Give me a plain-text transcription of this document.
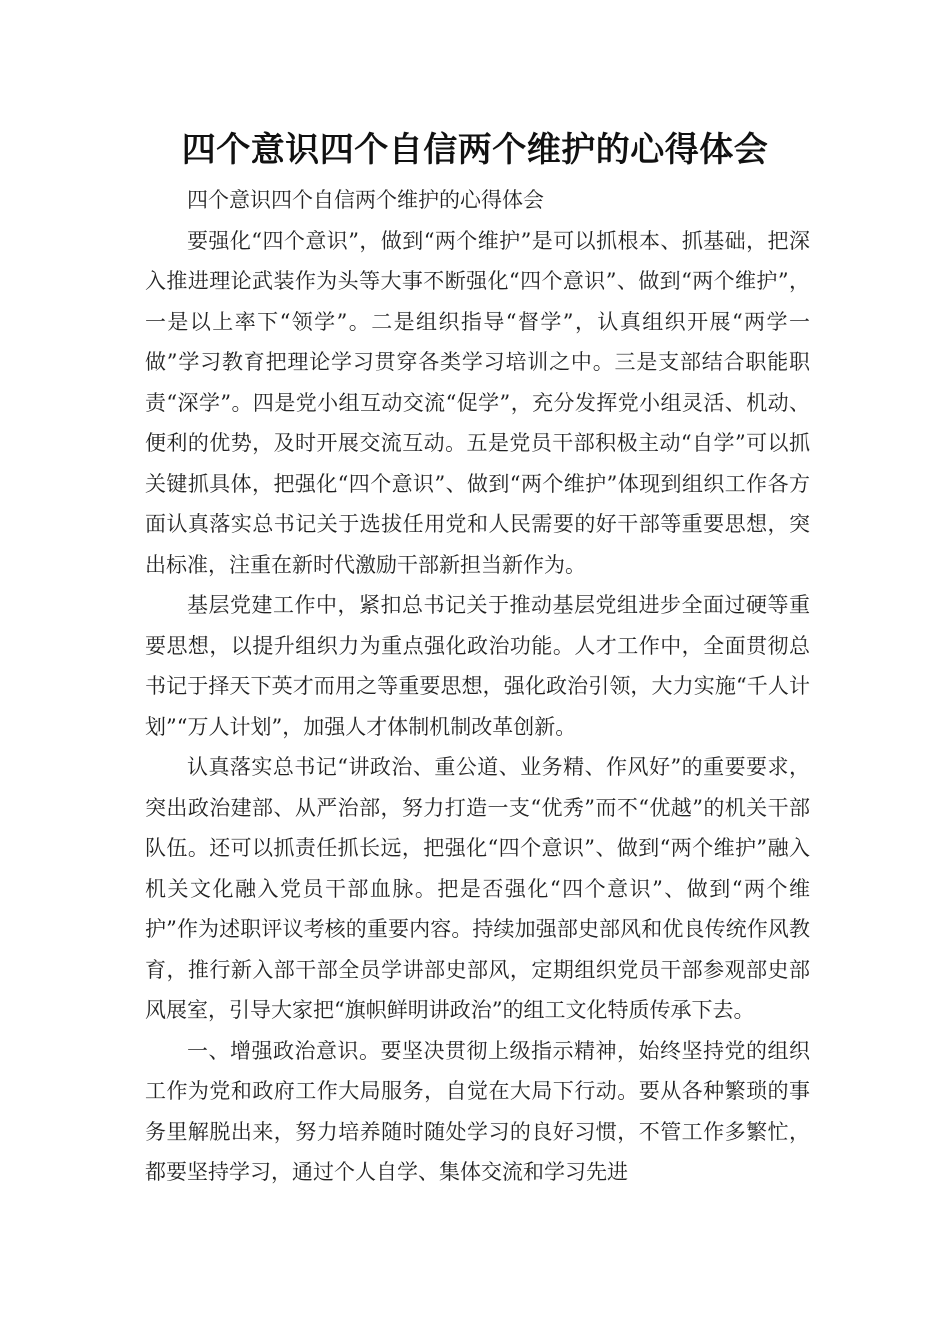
四个意识四个自信两个维护的心得体会

四个意识四个自信两个维护的心得体会

要强化“四个意识”，做到“两个维护”是可以抓根本、抓基础，把深入推进理论武装作为头等大事不断强化“四个意识”、做到“两个维护”，一是以上率下“领学”。二是组织指导“督学”，认真组织开展“两学一做”学习教育把理论学习贯穿各类学习培训之中。三是支部结合职能职责“深学”。四是党小组互动交流“促学”，充分发挥党小组灵活、机动、便利的优势，及时开展交流互动。五是党员干部积极主动“自学”可以抓关键抓具体，把强化“四个意识”、做到“两个维护”体现到组织工作各方面认真落实总书记关于选拔任用党和人民需要的好干部等重要思想，突出标准，注重在新时代激励干部新担当新作为。

基层党建工作中，紧扣总书记关于推动基层党组进步全面过硬等重要思想，以提升组织力为重点强化政治功能。人才工作中，全面贯彻总书记于择天下英才而用之等重要思想，强化政治引领，大力实施“千人计划”“万人计划”，加强人才体制机制改革创新。

认真落实总书记“讲政治、重公道、业务精、作风好”的重要要求，突出政治建部、从严治部，努力打造一支“优秀”而不“优越”的机关干部队伍。还可以抓责任抓长远，把强化“四个意识”、做到“两个维护”融入机关文化融入党员干部血脉。把是否强化“四个意识”、做到“两个维护”作为述职评议考核的重要内容。持续加强部史部风和优良传统作风教育，推行新入部干部全员学讲部史部风，定期组织党员干部参观部史部风展室，引导大家把“旗帜鲜明讲政治”的组工文化特质传承下去。

一、增强政治意识。要坚决贯彻上级指示精神，始终坚持党的组织工作为党和政府工作大局服务，自觉在大局下行动。要从各种繁琐的事务里解脱出来，努力培养随时随处学习的良好习惯，不管工作多繁忙，都要坚持学习，通过个人自学、集体交流和学习先进
